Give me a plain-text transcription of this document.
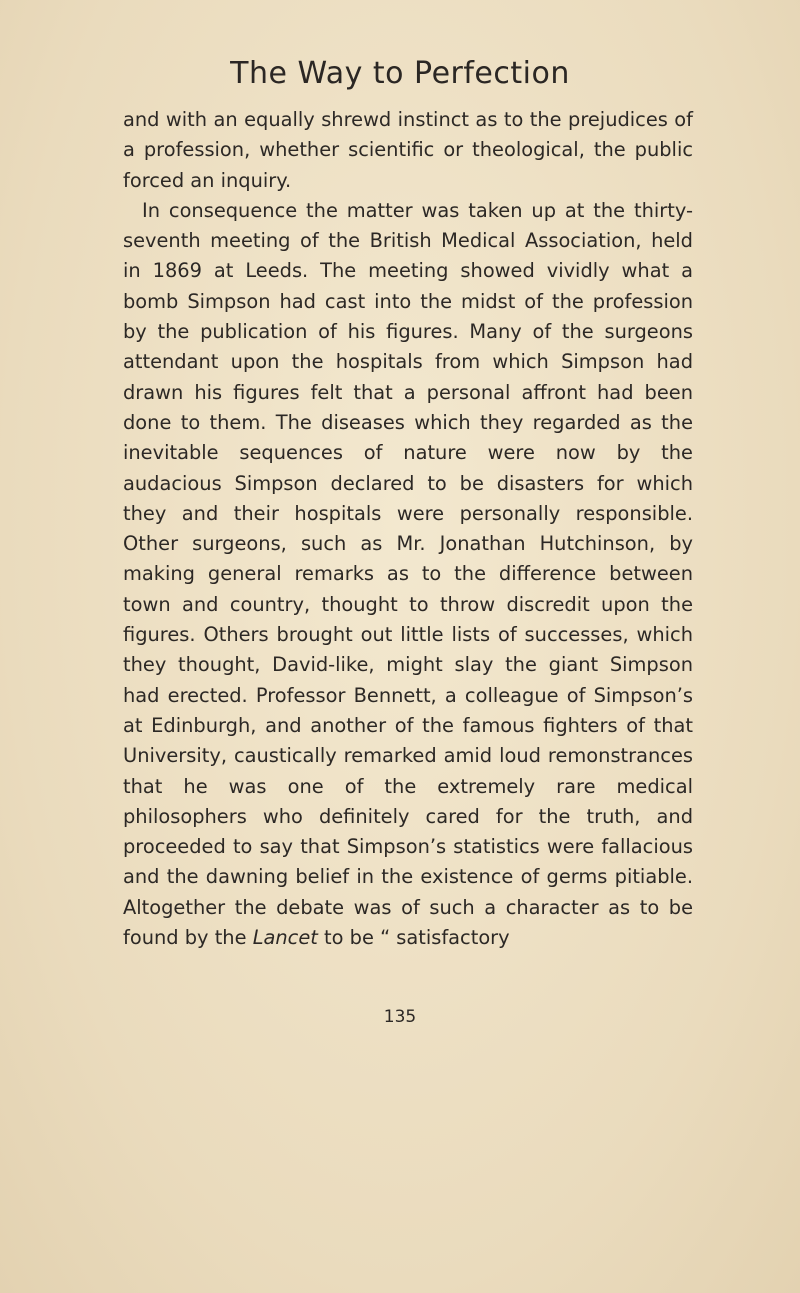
The Way to Perfection

and with an equally shrewd instinct as to the prejudices of a profession, whether scientific or theological, the public forced an inquiry.

In consequence the matter was taken up at the thirty-seventh meeting of the British Medical Association, held in 1869 at Leeds. The meeting showed vividly what a bomb Simpson had cast into the midst of the profession by the publication of his figures. Many of the surgeons attendant upon the hospitals from which Simpson had drawn his figures felt that a personal affront had been done to them. The diseases which they regarded as the inevitable sequences of nature were now by the audacious Simpson declared to be disasters for which they and their hospitals were personally responsible. Other surgeons, such as Mr. Jonathan Hutchinson, by making general remarks as to the difference between town and country, thought to throw discredit upon the figures. Others brought out little lists of successes, which they thought, David-like, might slay the giant Simpson had erected. Professor Bennett, a colleague of Simpson’s at Edinburgh, and another of the famous fighters of that University, caustically remarked amid loud remonstrances that he was one of the extremely rare medical philosophers who definitely cared for the truth, and proceeded to say that Simpson’s statistics were fallacious and the dawning belief in the existence of germs pitiable. Altogether the debate was of such a character as to be found by the Lancet to be “ satisfactory

135
